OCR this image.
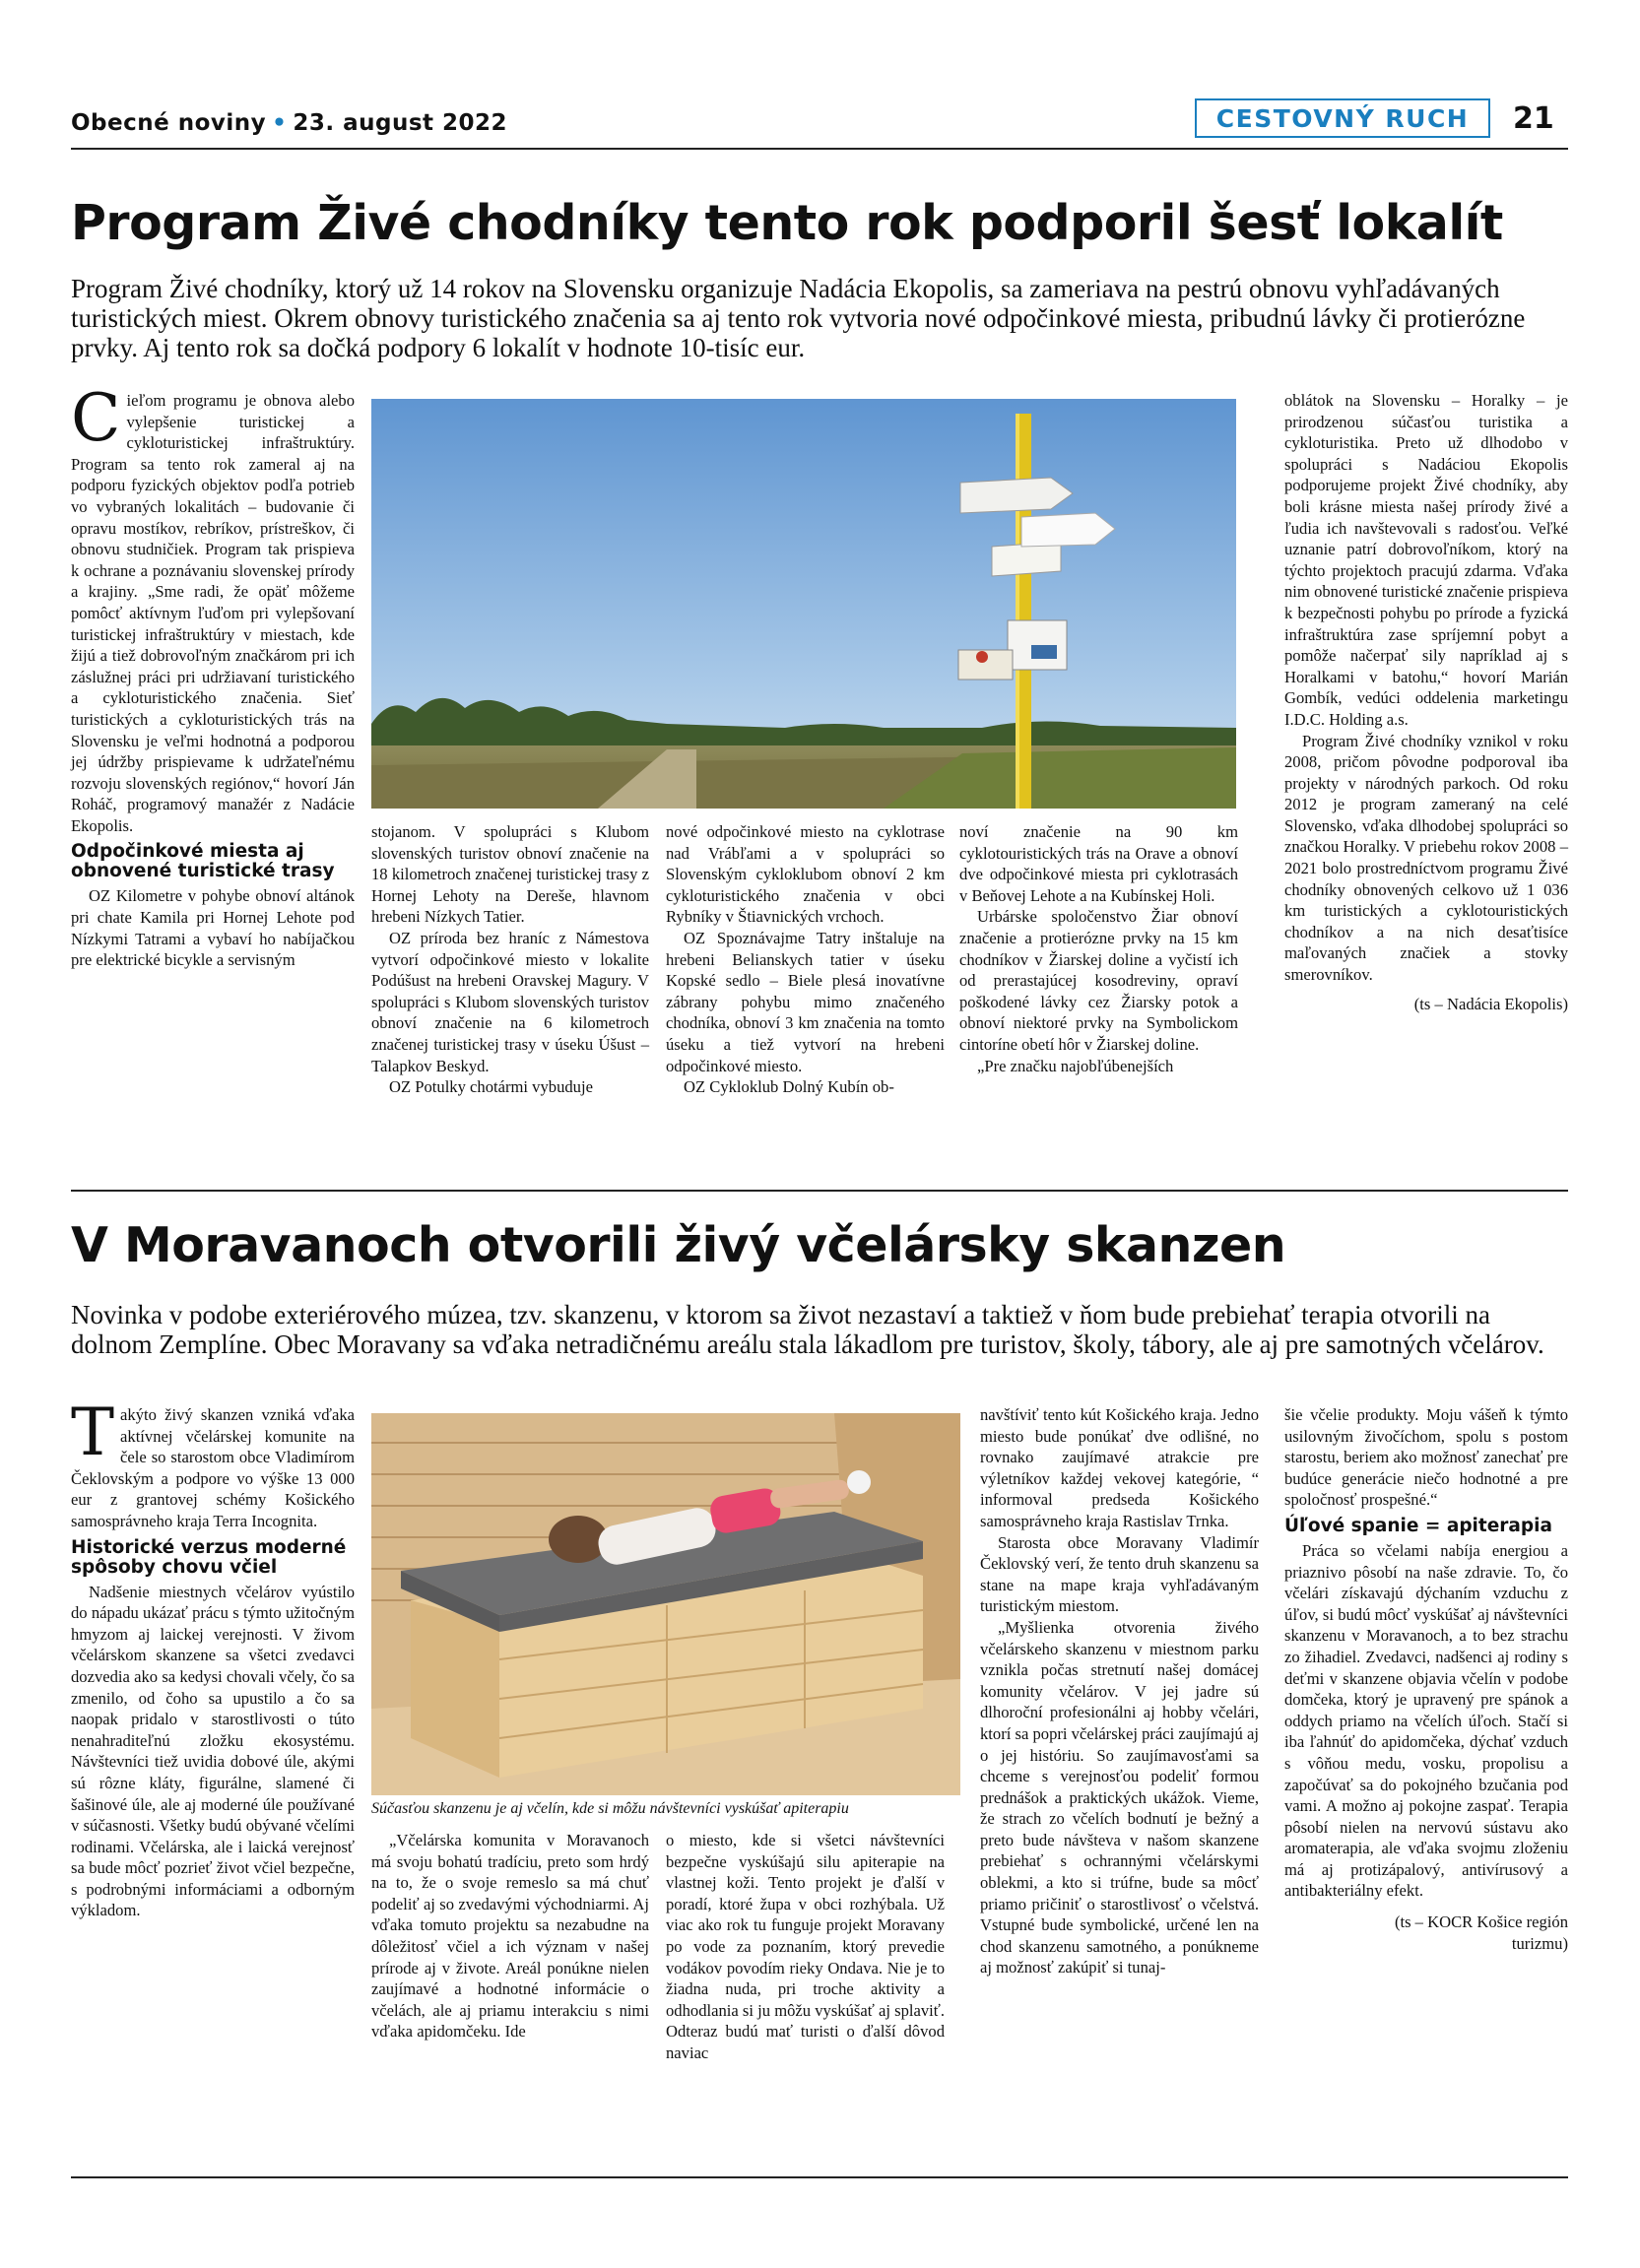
Obecné noviny • 23. august 2022	CESTOVNÝ RUCH	21
Program Živé chodníky tento rok podporil šesť lokalít
Program Živé chodníky, ktorý už 14 rokov na Slovensku organizuje Nadácia Ekopolis, sa zameriava na pestrú obnovu vyhľadávaných turistických miest. Okrem obnovy turistického značenia sa aj tento rok vytvoria nové odpočinkové miesta, pribudnú lávky či protierózne prvky. Aj tento rok sa dočká podpory 6 lokalít v hodnote 10-tisíc eur.

Cieľom programu je obnova alebo vylepšenie turistickej a cykloturistickej infraštruktúry. Program sa tento rok zameral aj na podporu fyzických objektov podľa potrieb vo vybraných lokalitách – budovanie či opravu mostíkov, rebríkov, prístreškov, či obnovu studničiek. Program tak prispieva k ochrane a poznávaniu slovenskej prírody a krajiny. „Sme radi, že opäť môžeme pomôcť aktívnym ľuďom pri vylepšovaní turistickej infraštruktúry v miestach, kde žijú a tiež dobrovoľným značkárom pri ich záslužnej práci pri udržiavaní turistického a cykloturistického značenia. Sieť turistických a cykloturistických trás na Slovensku je veľmi hodnotná a podporou jej údržby prispievame k udržateľnému rozvoju slovenských regiónov,“ hovorí Ján Roháč, programový manažér z Nadácie Ekopolis.

Odpočinkové miesta aj obnovené turistické trasy

OZ Kilometre v pohybe obnoví altánok pri chate Kamila pri Hornej Lehote pod Nízkymi Tatrami a vybaví ho nabíjačkou pre elektrické bicykle a servisným

stojanom. V spolupráci s Klubom slovenských turistov obnoví značenie na 18 kilometroch značenej turistickej trasy z Hornej Lehoty na Dereše, hlavnom hrebeni Nízkych Tatier.

OZ príroda bez hraníc z Námestova vytvorí odpočinkové miesto v lokalite Podúšust na hrebeni Oravskej Magury. V spolupráci s Klubom slovenských turistov obnoví značenie na 6 kilometroch značenej turistickej trasy v úseku Úšust – Talapkov Beskyd.

OZ Potulky chotármi vybuduje

nové odpočinkové miesto na cyklotrase nad Vrábľami a v spolupráci so Slovenským cykloklubom obnoví 2 km cykloturistického značenia v obci Rybníky v Štiavnických vrchoch.

OZ Spoznávajme Tatry inštaluje na hrebeni Belianskych tatier v úseku Kopské sedlo – Biele plesá inovatívne zábrany pohybu mimo značeného chodníka, obnoví 3 km značenia na tomto úseku a tiež vytvorí na hrebeni odpočinkové miesto.

OZ Cykloklub Dolný Kubín ob-

noví značenie na 90 km cyklotouristických trás na Orave a obnoví dve odpočinkové miesta pri cyklotrasách v Beňovej Lehote a na Kubínskej Holi.

Urbárske spoločenstvo Žiar obnoví značenie a protierózne prvky na 15 km chodníkov v Žiarskej doline a vyčistí ich od prerastajúcej kosodreviny, opraví poškodené lávky cez Žiarsky potok a obnoví niektoré prvky na Symbolickom cintoríne obetí hôr v Žiarskej doline.

„Pre značku najobľúbenejších

oblátok na Slovensku – Horalky – je prirodzenou súčasťou turistika a cykloturistika. Preto už dlhodobo v spolupráci s Nadáciou Ekopolis podporujeme projekt Živé chodníky, aby boli krásne miesta našej prírody živé a ľudia ich navštevovali s radosťou. Veľké uznanie patrí dobrovoľníkom, ktorý na týchto projektoch pracujú zdarma. Vďaka nim obnovené turistické značenie prispieva k bezpečnosti pohybu po prírode a fyzická infraštruktúra zase spríjemní pobyt a pomôže načerpať sily napríklad aj s Horalkami v batohu,“ hovorí Marián Gombík, vedúci oddelenia marketingu I.D.C. Holding a.s.

Program Živé chodníky vznikol v roku 2008, pričom pôvodne podporoval iba projekty v národných parkoch. Od roku 2012 je program zameraný na celé Slovensko, vďaka dlhodobej spolupráci so značkou Horalky. V priebehu rokov 2008 – 2021 bolo prostredníctvom programu Živé chodníky obnovených celkovo už 1 036 km turistických a cyklotouristických chodníkov a na nich desaťtisíce maľovaných značiek a stovky smerovníkov.

(ts – Nadácia Ekopolis)

V Moravanoch otvorili živý včelársky skanzen
Novinka v podobe exteriérového múzea, tzv. skanzenu, v ktorom sa život nezastaví a taktiež v ňom bude prebiehať terapia otvorili na dolnom Zemplíne. Obec Moravany sa vďaka netradičnému areálu stala lákadlom pre turistov, školy, tábory, ale aj pre samotných včelárov.

Takýto živý skanzen vzniká vďaka aktívnej včelárskej komunite na čele so starostom obce Vladimírom Čeklovským a podpore vo výške 13 000 eur z grantovej schémy Košického samosprávneho kraja Terra Incognita.

Historické verzus moderné spôsoby chovu včiel

Nadšenie miestnych včelárov vyústilo do nápadu ukázať prácu s týmto užitočným hmyzom aj laickej verejnosti. V živom včelárskom skanzene sa všetci zvedavci dozvedia ako sa kedysi chovali včely, čo sa zmenilo, od čoho sa upustilo a čo sa naopak pridalo v starostlivosti o túto nenahraditeľnú zložku ekosystému. Návštevníci tiež uvidia dobové úle, akými sú rôzne kláty, figurálne, slamené či šašinové úle, ale aj moderné úle používané v súčasnosti. Všetky budú obývané včelími rodinami. Včelárska, ale i laická verejnosť sa bude môcť pozrieť život včiel bezpečne, s podrobnými informáciami a odborným výkladom.

Súčasťou skanzenu je aj včelín, kde si môžu návštevníci vyskúšať apiterapiu

„Včelárska komunita v Moravanoch má svoju bohatú tradíciu, preto som hrdý na to, že o svoje remeslo sa má chuť podeliť aj so zvedavými východniarmi. Aj vďaka tomuto projektu sa nezabudne na dôležitosť včiel a ich význam v našej prírode aj v živote. Areál ponúkne nielen zaujímavé a hodnotné informácie o včelách, ale aj priamu interakciu s nimi vďaka apidomčeku. Ide

o miesto, kde si všetci návštevníci bezpečne vyskúšajú silu apiterapie na vlastnej koži. Tento projekt je ďalší v poradí, ktoré župa v obci rozhýbala. Už viac ako rok tu funguje projekt Moravany po vode za poznaním, ktorý prevedie vodákov povodím rieky Ondava. Nie je to žiadna nuda, pri troche aktivity a odhodlania si ju môžu vyskúšať aj splaviť. Odteraz budú mať turisti o ďalší dôvod naviac

navštíviť tento kút Košického kraja. Jedno miesto bude ponúkať dve odlišné, no rovnako zaujímavé atrakcie pre výletníkov každej vekovej kategórie, “ informoval predseda Košického samosprávneho kraja Rastislav Trnka.

Starosta obce Moravany Vladimír Čeklovský verí, že tento druh skanzenu sa stane na mape kraja vyhľadávaným turistickým miestom.

„Myšlienka otvorenia živého včelárskeho skanzenu v miestnom parku vznikla počas stretnutí našej domácej komunity včelárov. V jej jadre sú dlhoroční profesionálni aj hobby včelári, ktorí sa popri včelárskej práci zaujímajú aj o jej históriu. So zaujímavosťami sa chceme s verejnosťou podeliť formou prednášok a praktických ukážok. Vieme, že strach zo včelích bodnutí je bežný a preto bude návšteva v našom skanzene prebiehať s ochrannými včelárskymi oblekmi, a kto si trúfne, bude sa môcť priamo pričiniť o starostlivosť o včelstvá. Vstupné bude symbolické, určené len na chod skanzenu samotného, a ponúkneme aj možnosť zakúpiť si tunaj-

šie včelie produkty. Moju vášeň k týmto usilovným živočíchom, spolu s postom starostu, beriem ako možnosť zanechať pre budúce generácie niečo hodnotné a pre spoločnosť prospešné.“

Úľové spanie = apiterapia

Práca so včelami nabíja energiou a priaznivo pôsobí na naše zdravie. To, čo včelári získavajú dýchaním vzduchu z úľov, si budú môcť vyskúšať aj návštevníci skanzenu v Moravanoch, a to bez strachu zo žihadiel. Zvedavci, nadšenci aj rodiny s deťmi v skanzene objavia včelín v podobe domčeka, ktorý je upravený pre spánok a oddych priamo na včelích úľoch. Stačí si iba ľahnúť do apidomčeka, dýchať vzduch s vôňou medu, vosku, propolisu a započúvať sa do pokojného bzučania pod vami. A možno aj pokojne zaspať. Terapia pôsobí nielen na nervovú sústavu ako aromaterapia, ale vďaka svojmu zloženiu má aj protizápalový, antivírusový a antibakteriálny efekt.

(ts – KOCR Košice región turizmu)
